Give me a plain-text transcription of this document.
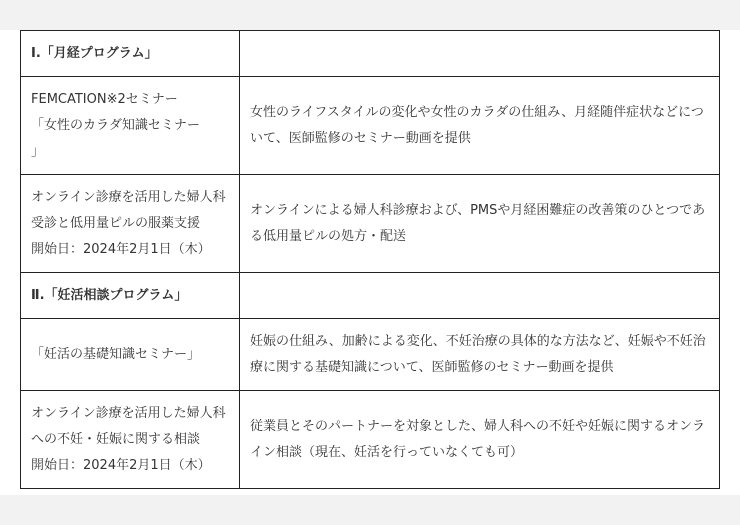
Ⅰ.「月経プログラム」	

FEMCATION※2セミナー
「女性のカラダ知識セミナー
」	女性のライフスタイルの変化や女性のカラダの仕組み、月経随伴症状などについて、医師監修のセミナー動画を提供

オンライン診療を活用した婦人科受診と低用量ピルの服薬支援
開始日：2024年2月1日（木）	オンラインによる婦人科診療および、PMSや月経困難症の改善策のひとつである低用量ピルの処方・配送

Ⅱ.「妊活相談プログラム」	

「妊活の基礎知識セミナー」	妊娠の仕組み、加齢による変化、不妊治療の具体的な方法など、妊娠や不妊治療に関する基礎知識について、医師監修のセミナー動画を提供

オンライン診療を活用した婦人科への不妊・妊娠に関する相談
開始日：2024年2月1日（木）	従業員とそのパートナーを対象とした、婦人科への不妊や妊娠に関するオンライン相談（現在、妊活を行っていなくても可）
